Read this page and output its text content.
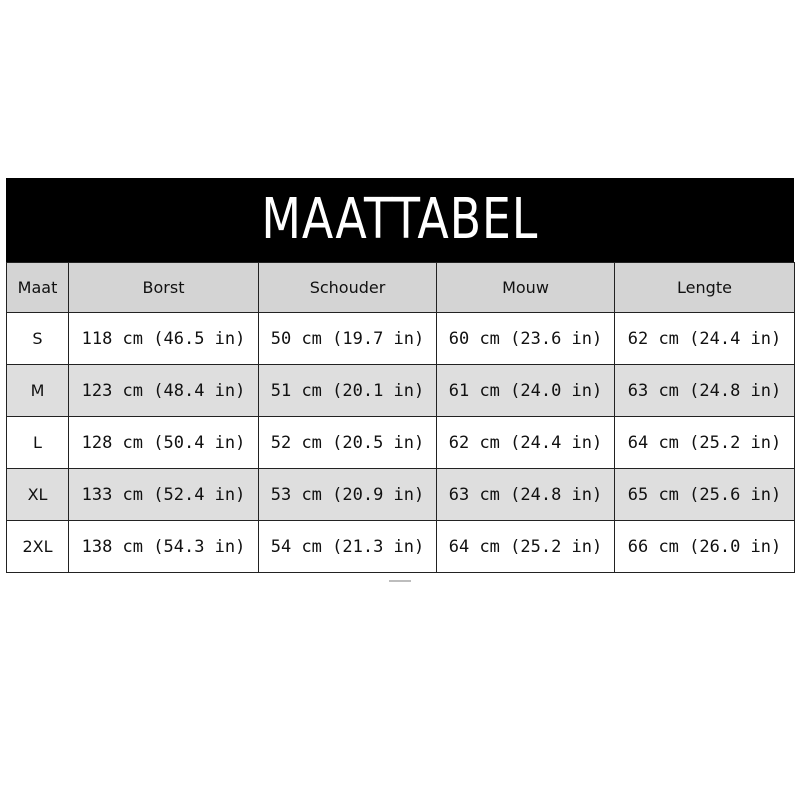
MAATTABEL
Maat	Borst	Schouder	Mouw	Lengte
S	118 cm (46.5 in)	50 cm (19.7 in)	60 cm (23.6 in)	62 cm (24.4 in)
M	123 cm (48.4 in)	51 cm (20.1 in)	61 cm (24.0 in)	63 cm (24.8 in)
L	128 cm (50.4 in)	52 cm (20.5 in)	62 cm (24.4 in)	64 cm (25.2 in)
XL	133 cm (52.4 in)	53 cm (20.9 in)	63 cm (24.8 in)	65 cm (25.6 in)
2XL	138 cm (54.3 in)	54 cm (21.3 in)	64 cm (25.2 in)	66 cm (26.0 in)
